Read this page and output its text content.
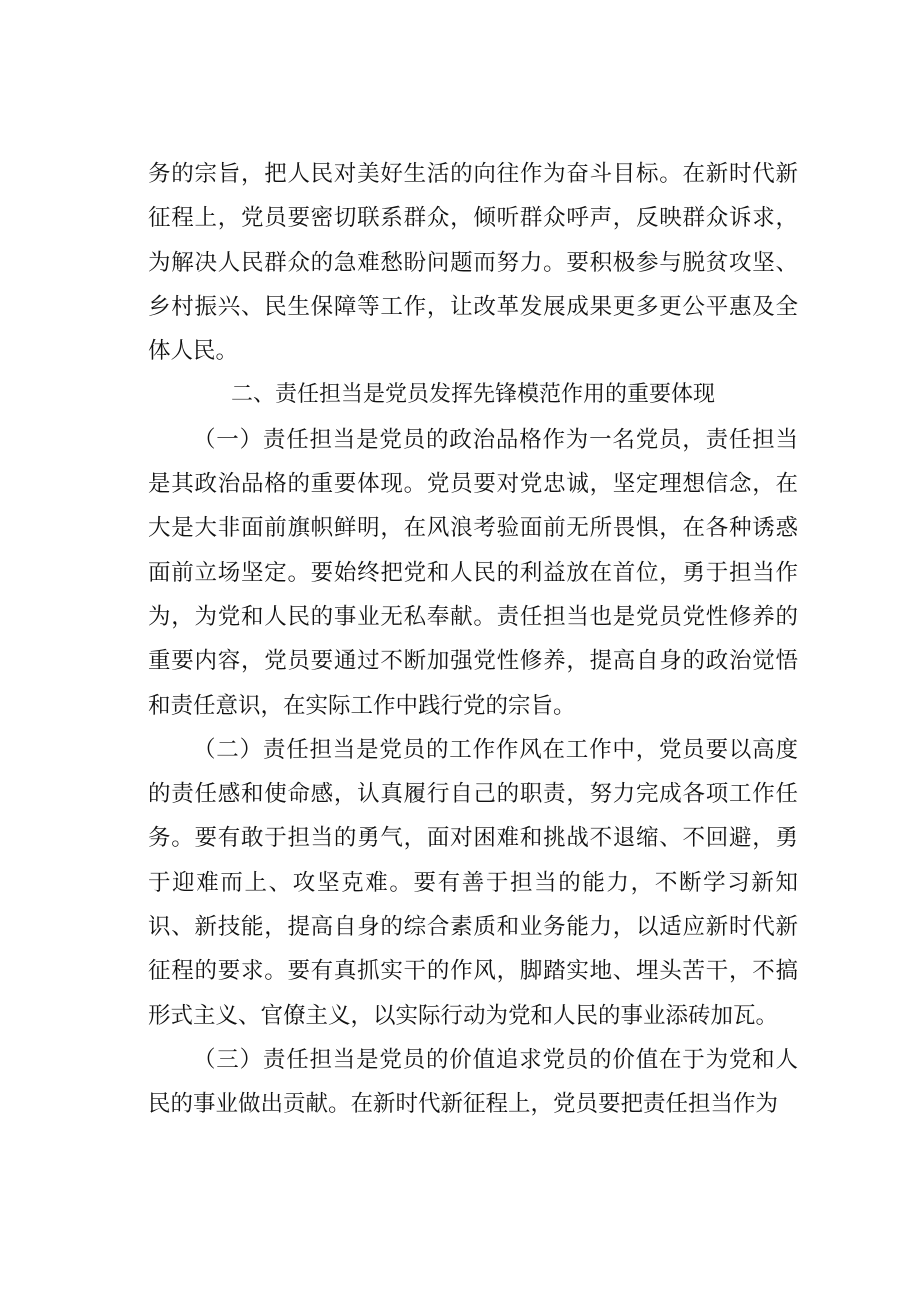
务的宗旨，把人民对美好生活的向往作为奋斗目标。在新时代新征程上，党员要密切联系群众，倾听群众呼声，反映群众诉求，为解决人民群众的急难愁盼问题而努力。要积极参与脱贫攻坚、乡村振兴、民生保障等工作，让改革发展成果更多更公平惠及全体人民。

二、责任担当是党员发挥先锋模范作用的重要体现

（一）责任担当是党员的政治品格作为一名党员，责任担当是其政治品格的重要体现。党员要对党忠诚，坚定理想信念，在大是大非面前旗帜鲜明，在风浪考验面前无所畏惧，在各种诱惑面前立场坚定。要始终把党和人民的利益放在首位，勇于担当作为，为党和人民的事业无私奉献。责任担当也是党员党性修养的重要内容，党员要通过不断加强党性修养，提高自身的政治觉悟和责任意识，在实际工作中践行党的宗旨。

（二）责任担当是党员的工作作风在工作中，党员要以高度的责任感和使命感，认真履行自己的职责，努力完成各项工作任务。要有敢于担当的勇气，面对困难和挑战不退缩、不回避，勇于迎难而上、攻坚克难。要有善于担当的能力，不断学习新知识、新技能，提高自身的综合素质和业务能力，以适应新时代新征程的要求。要有真抓实干的作风，脚踏实地、埋头苦干，不搞形式主义、官僚主义，以实际行动为党和人民的事业添砖加瓦。

（三）责任担当是党员的价值追求党员的价值在于为党和人民的事业做出贡献。在新时代新征程上，党员要把责任担当作为
